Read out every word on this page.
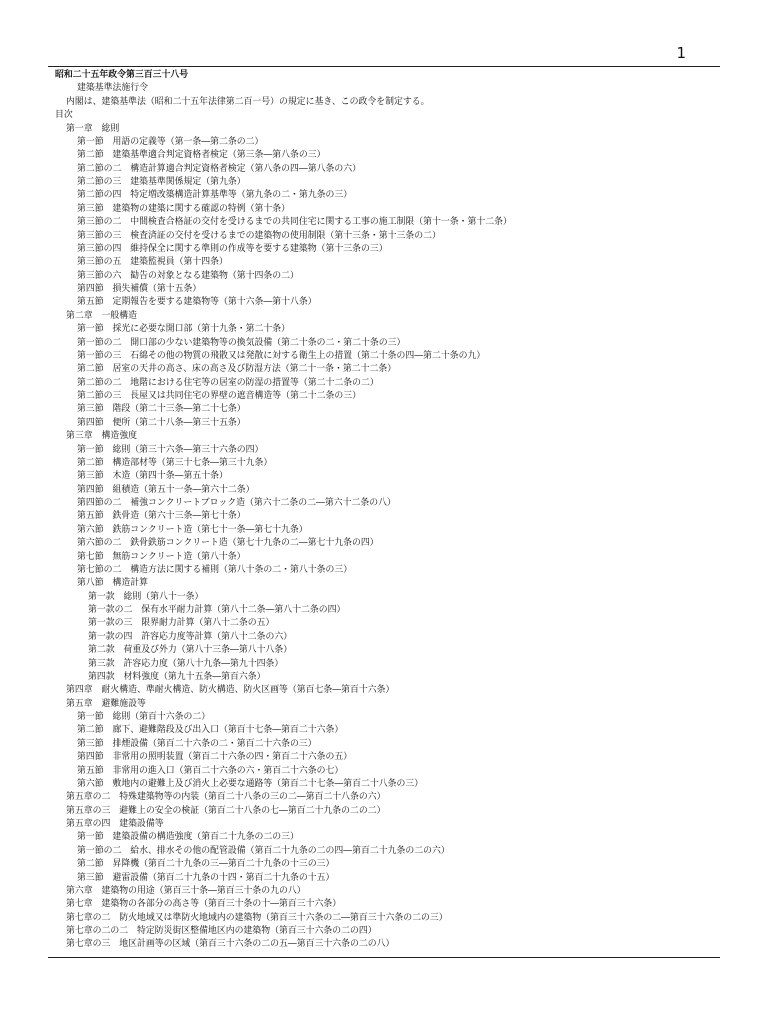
1
昭和二十五年政令第三百三十八号
建築基準法施行令
内閣は、建築基準法（昭和二十五年法律第二百一号）の規定に基き、この政令を制定する。
目次
第一章　総則
第一節　用語の定義等（第一条―第二条の二）
第二節　建築基準適合判定資格者検定（第三条―第八条の三）
第二節の二　構造計算適合判定資格者検定（第八条の四―第八条の六）
第二節の三　建築基準関係規定（第九条）
第二節の四　特定増改築構造計算基準等（第九条の二・第九条の三）
第三節　建築物の建築に関する確認の特例（第十条）
第三節の二　中間検査合格証の交付を受けるまでの共同住宅に関する工事の施工制限（第十一条・第十二条）
第三節の三　検査済証の交付を受けるまでの建築物の使用制限（第十三条・第十三条の二）
第三節の四　維持保全に関する準則の作成等を要する建築物（第十三条の三）
第三節の五　建築監視員（第十四条）
第三節の六　勧告の対象となる建築物（第十四条の二）
第四節　損失補償（第十五条）
第五節　定期報告を要する建築物等（第十六条―第十八条）
第二章　一般構造
第一節　採光に必要な開口部（第十九条・第二十条）
第一節の二　開口部の少ない建築物等の換気設備（第二十条の二・第二十条の三）
第一節の三　石綿その他の物質の飛散又は発散に対する衛生上の措置（第二十条の四―第二十条の九）
第二節　居室の天井の高さ、床の高さ及び防湿方法（第二十一条・第二十二条）
第二節の二　地階における住宅等の居室の防湿の措置等（第二十二条の二）
第二節の三　長屋又は共同住宅の界壁の遮音構造等（第二十二条の三）
第三節　階段（第二十三条―第二十七条）
第四節　便所（第二十八条―第三十五条）
第三章　構造強度
第一節　総則（第三十六条―第三十六条の四）
第二節　構造部材等（第三十七条―第三十九条）
第三節　木造（第四十条―第五十条）
第四節　組積造（第五十一条―第六十二条）
第四節の二　補強コンクリートブロック造（第六十二条の二―第六十二条の八）
第五節　鉄骨造（第六十三条―第七十条）
第六節　鉄筋コンクリート造（第七十一条―第七十九条）
第六節の二　鉄骨鉄筋コンクリート造（第七十九条の二―第七十九条の四）
第七節　無筋コンクリート造（第八十条）
第七節の二　構造方法に関する補則（第八十条の二・第八十条の三）
第八節　構造計算
第一款　総則（第八十一条）
第一款の二　保有水平耐力計算（第八十二条―第八十二条の四）
第一款の三　限界耐力計算（第八十二条の五）
第一款の四　許容応力度等計算（第八十二条の六）
第二款　荷重及び外力（第八十三条―第八十八条）
第三款　許容応力度（第八十九条―第九十四条）
第四款　材料強度（第九十五条―第百六条）
第四章　耐火構造、準耐火構造、防火構造、防火区画等（第百七条―第百十六条）
第五章　避難施設等
第一節　総則（第百十六条の二）
第二節　廊下、避難階段及び出入口（第百十七条―第百二十六条）
第三節　排煙設備（第百二十六条の二・第百二十六条の三）
第四節　非常用の照明装置（第百二十六条の四・第百二十六条の五）
第五節　非常用の進入口（第百二十六条の六・第百二十六条の七）
第六節　敷地内の避難上及び消火上必要な通路等（第百二十七条―第百二十八条の三）
第五章の二　特殊建築物等の内装（第百二十八条の三の二―第百二十八条の六）
第五章の三　避難上の安全の検証（第百二十八条の七―第百二十九条の二の二）
第五章の四　建築設備等
第一節　建築設備の構造強度（第百二十九条の二の三）
第一節の二　給水、排水その他の配管設備（第百二十九条の二の四―第百二十九条の二の六）
第二節　昇降機（第百二十九条の三―第百二十九条の十三の三）
第三節　避雷設備（第百二十九条の十四・第百二十九条の十五）
第六章　建築物の用途（第百三十条―第百三十条の九の八）
第七章　建築物の各部分の高さ等（第百三十条の十―第百三十六条）
第七章の二　防火地域又は準防火地域内の建築物（第百三十六条の二―第百三十六条の二の三）
第七章の二の二　特定防災街区整備地区内の建築物（第百三十六条の二の四）
第七章の三　地区計画等の区域（第百三十六条の二の五―第百三十六条の二の八）
